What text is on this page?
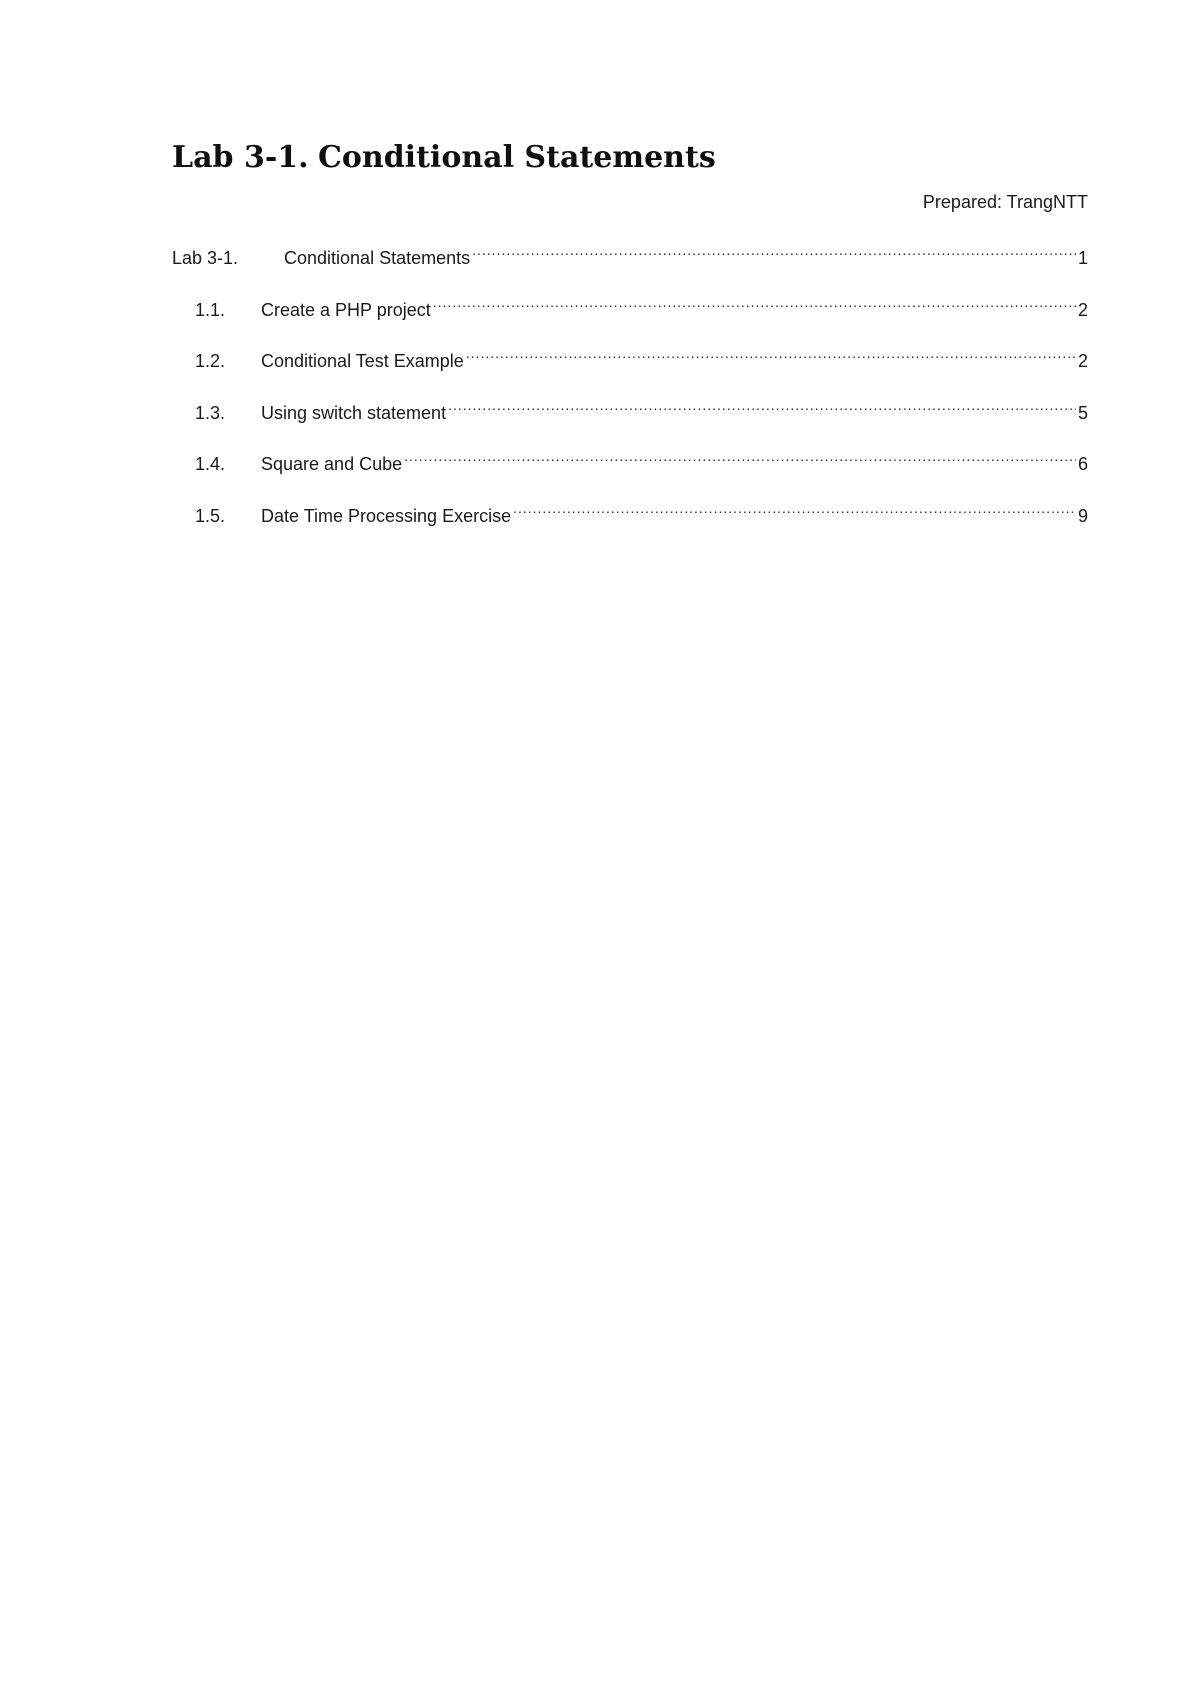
Lab 3-1. Conditional Statements
Prepared: TrangNTT
Lab 3-1.	Conditional Statements .....	1
1.1.	Create a PHP project .....	2
1.2.	Conditional Test Example .....	2
1.3.	Using switch statement .....	5
1.4.	Square and Cube .....	6
1.5.	Date Time Processing Exercise .....	9
